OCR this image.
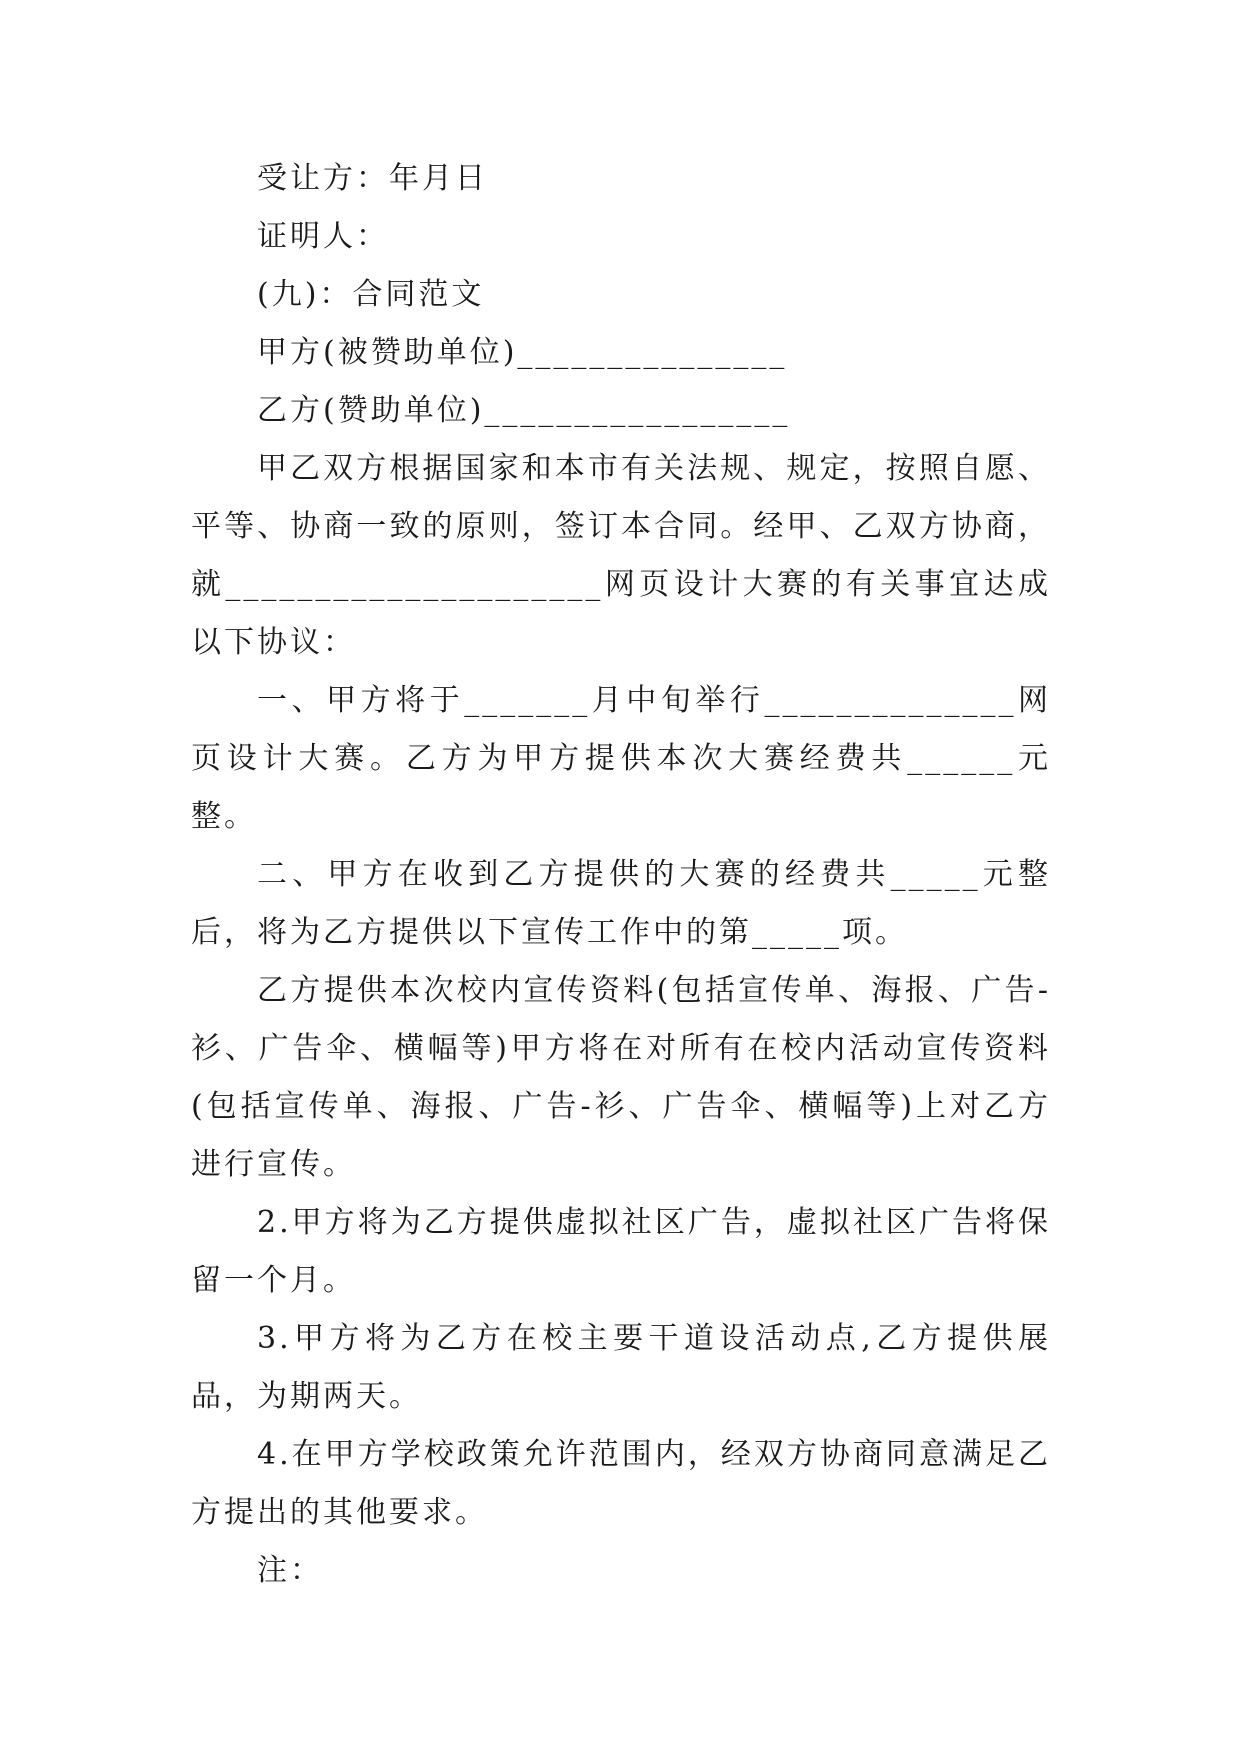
受让方：年月日

证明人：

(九)：合同范文

甲方(被赞助单位)_______________

乙方(赞助单位)_________________

甲乙双方根据国家和本市有关法规、规定，按照自愿、平等、协商一致的原则，签订本合同。经甲、乙双方协商，就_____________________网页设计大赛的有关事宜达成以下协议：

一、甲方将于_______月中旬举行______________网页设计大赛。乙方为甲方提供本次大赛经费共______元整。

二、甲方在收到乙方提供的大赛的经费共_____元整后，将为乙方提供以下宣传工作中的第_____项。

乙方提供本次校内宣传资料(包括宣传单、海报、广告-衫、广告伞、横幅等)甲方将在对所有在校内活动宣传资料(包括宣传单、海报、广告-衫、广告伞、横幅等)上对乙方进行宣传。

2.甲方将为乙方提供虚拟社区广告，虚拟社区广告将保留一个月。

3.甲方将为乙方在校主要干道设活动点,乙方提供展品，为期两天。

4.在甲方学校政策允许范围内，经双方协商同意满足乙方提出的其他要求。

注：
